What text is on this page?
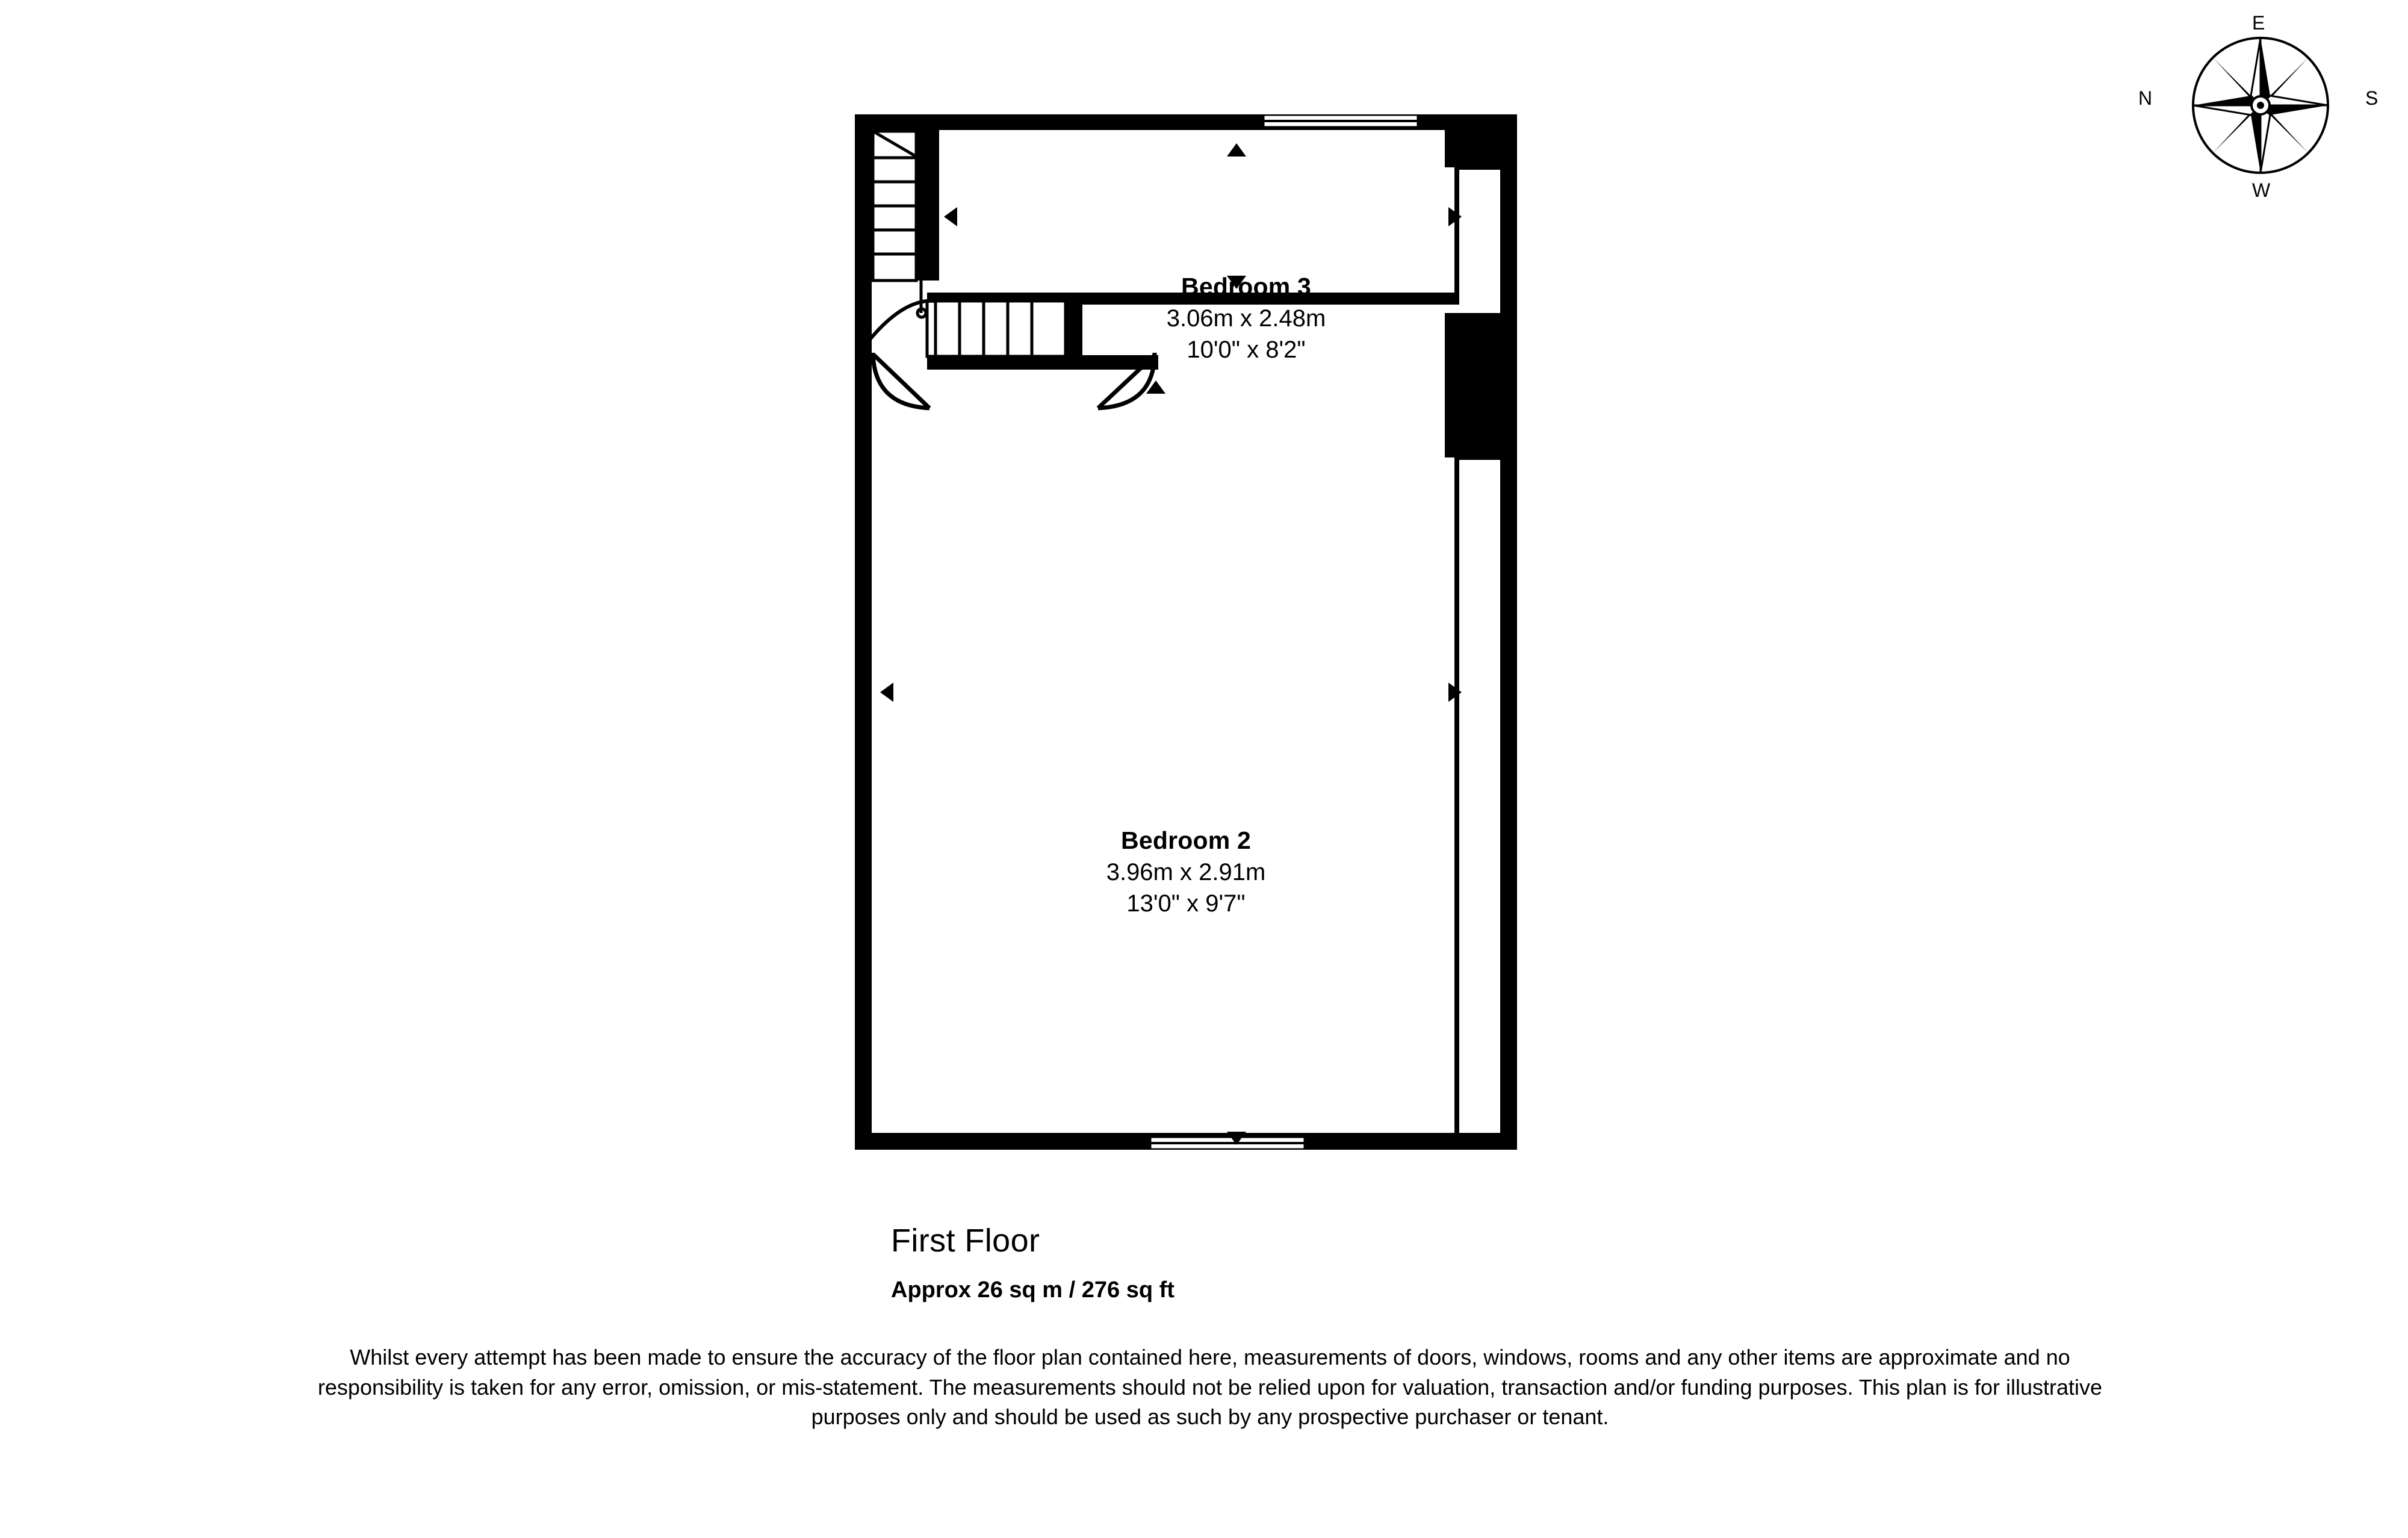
E
S
W
N
Bedroom 3
3.06m x 2.48m
10'0" x 8'2"
Bedroom 2
3.96m x 2.91m
13'0" x 9'7"
First Floor
Approx 26 sq m / 276 sq ft
Whilst every attempt has been made to ensure the accuracy of the floor plan contained here, measurements of doors, windows, rooms and any other items are approximate and no responsibility is taken for any error, omission, or mis-statement. The measurements should not be relied upon for valuation, transaction and/or funding purposes. This plan is for illustrative purposes only and should be used as such by any prospective purchaser or tenant.
